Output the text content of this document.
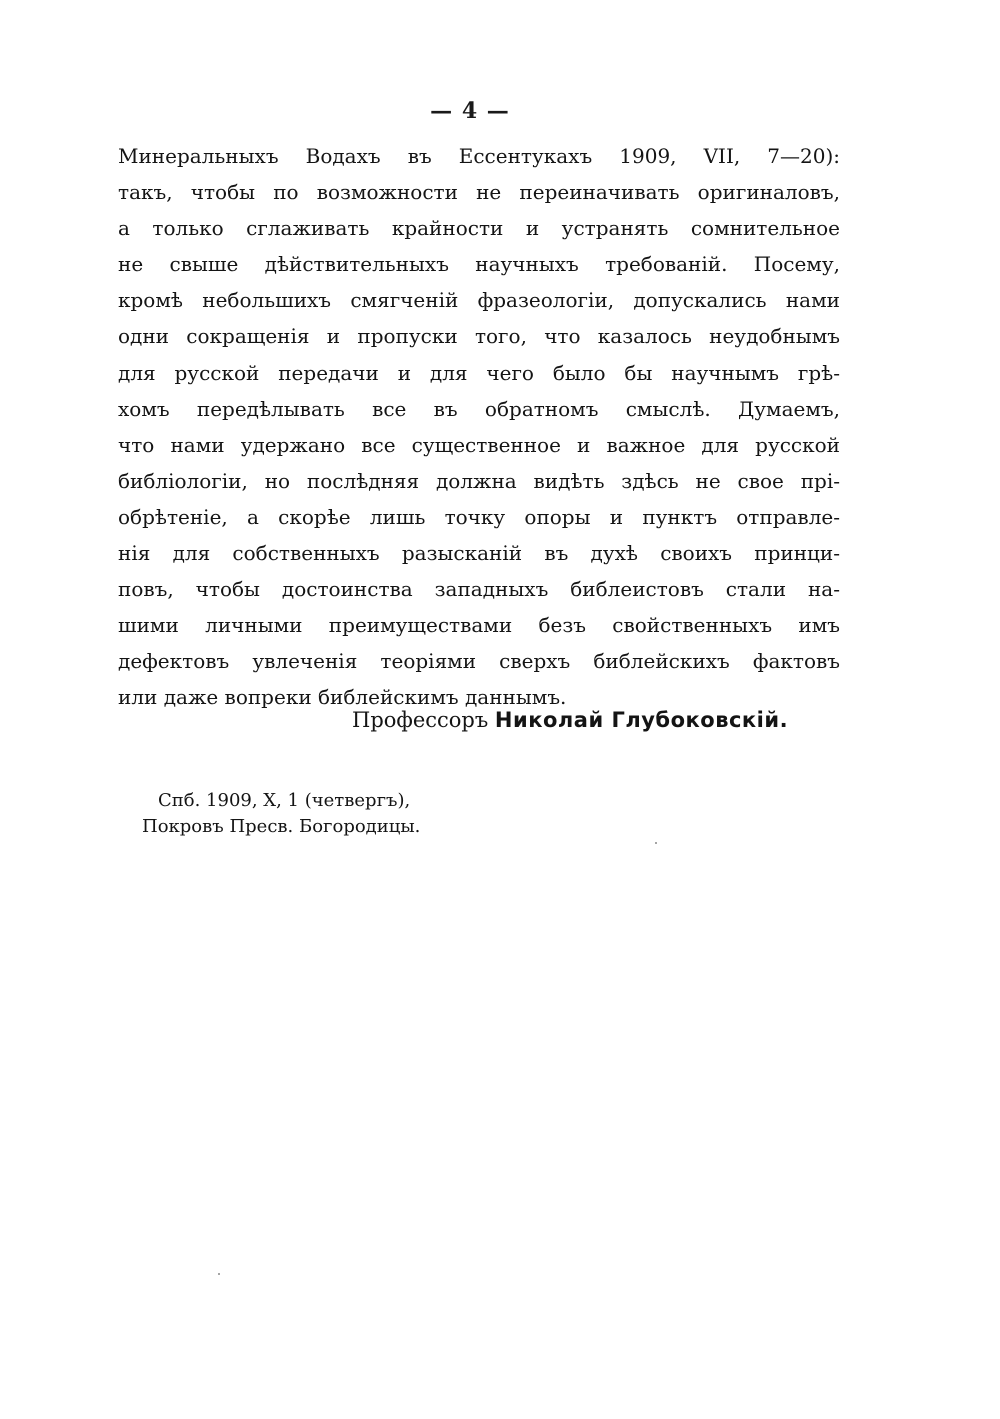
— 4 —
Минеральныхъ Водахъ въ Ессентукахъ 1909, VII, 7—20):
такъ, чтобы по возможности не переиначивать оригиналовъ,
а только сглаживать крайности и устранять сомнительное
не свыше дѣйствительныхъ научныхъ требованій. Посему,
кромѣ небольшихъ смягченій фразеологіи, допускались нами
одни сокращенія и пропуски того, что казалось неудобнымъ
для русской передачи и для чего было бы научнымъ грѣ-
хомъ передѣлывать все въ обратномъ смыслѣ. Думаемъ,
что нами удержано все существенное и важное для русской
библіологіи, но послѣдняя должна видѣть здѣсь не свое прі-
обрѣтеніе, а скорѣе лишь точку опоры и пунктъ отправле-
нія для собственныхъ разысканій въ духѣ своихъ принци-
повъ, чтобы достоинства западныхъ библеистовъ стали на-
шими личными преимуществами безъ свойственныхъ имъ
дефектовъ увлеченія теоріями сверхъ библейскихъ фактовъ
или даже вопреки библейскимъ даннымъ.
Профессоръ Николай Глубоковскій.
Спб. 1909, X, 1 (четвергъ),
Покровъ Пресв. Богородицы.
